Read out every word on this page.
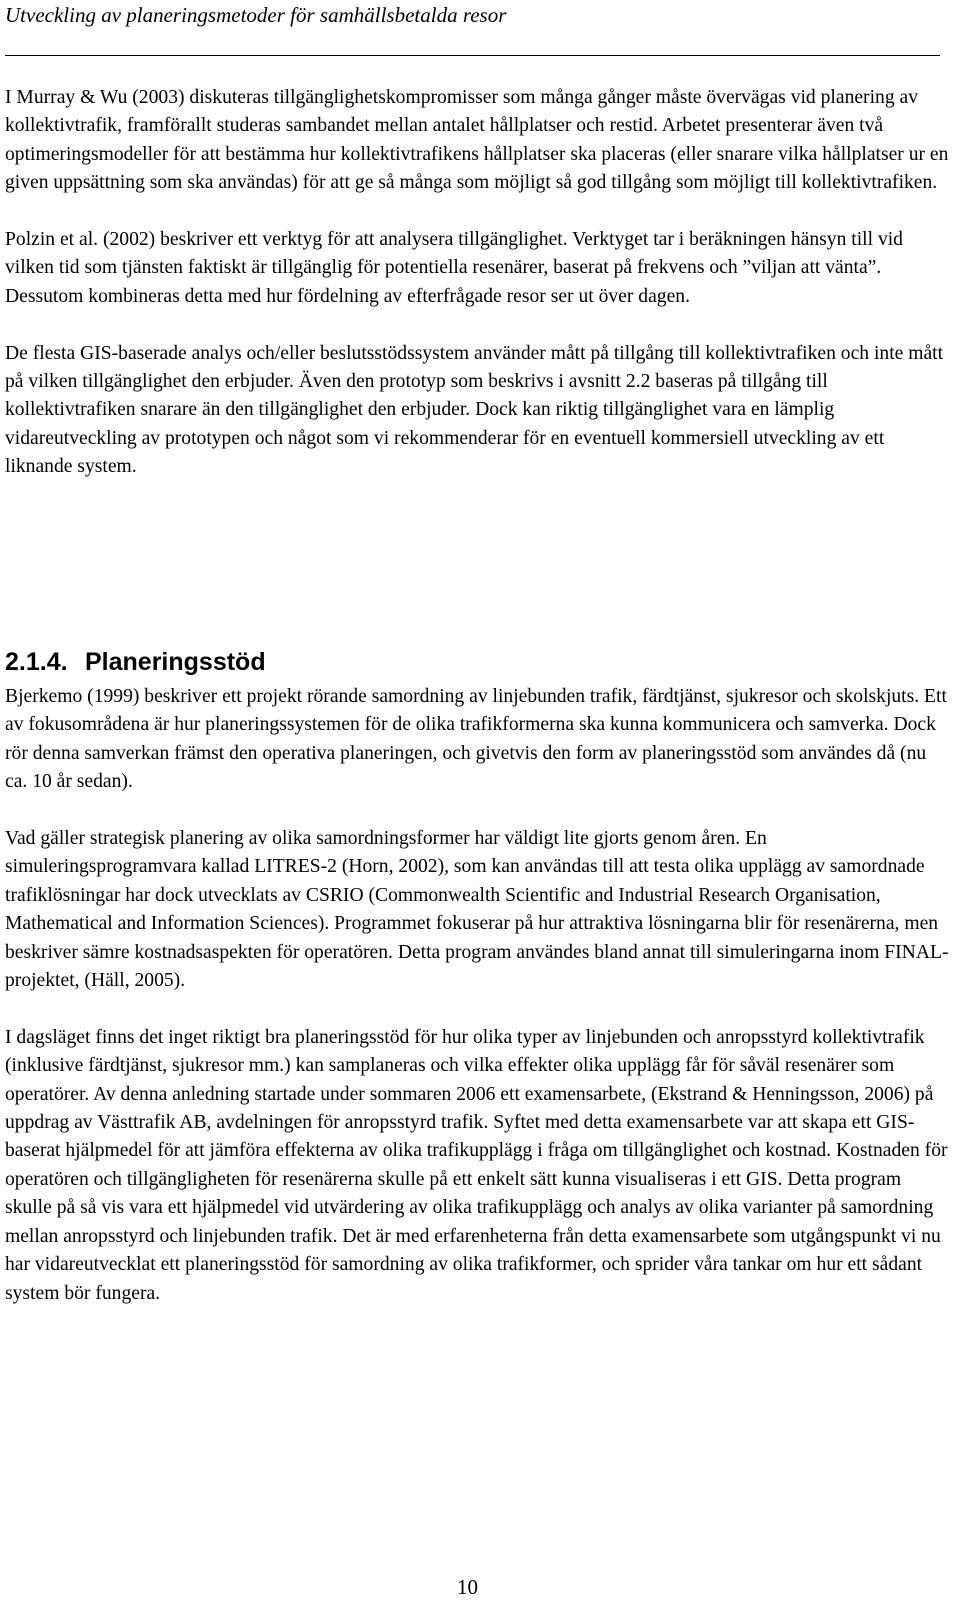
Utveckling av planeringsmetoder för samhällsbetalda resor

I Murray & Wu (2003) diskuteras tillgänglighetskompromisser som många gånger måste övervägas vid planering av kollektivtrafik, framförallt studeras sambandet mellan antalet hållplatser och restid. Arbetet presenterar även två optimeringsmodeller för att bestämma hur kollektivtrafikens hållplatser ska placeras (eller snarare vilka hållplatser ur en given uppsättning som ska användas) för att ge så många som möjligt så god tillgång som möjligt till kollektivtrafiken.

Polzin et al. (2002) beskriver ett verktyg för att analysera tillgänglighet. Verktyget tar i beräkningen hänsyn till vid vilken tid som tjänsten faktiskt är tillgänglig för potentiella resenärer, baserat på frekvens och ”viljan att vänta”. Dessutom kombineras detta med hur fördelning av efterfrågade resor ser ut över dagen.

De flesta GIS-baserade analys och/eller beslutsstödssystem använder mått på tillgång till kollektivtrafiken och inte mått på vilken tillgänglighet den erbjuder. Även den prototyp som beskrivs i avsnitt 2.2 baseras på tillgång till kollektivtrafiken snarare än den tillgänglighet den erbjuder. Dock kan riktig tillgänglighet vara en lämplig vidareutveckling av prototypen och något som vi rekommenderar för en eventuell kommersiell utveckling av ett liknande system.

2.1.4. Planeringsstöd

Bjerkemo (1999) beskriver ett projekt rörande samordning av linjebunden trafik, färdtjänst, sjukresor och skolskjuts. Ett av fokusområdena är hur planeringssystemen för de olika trafikformerna ska kunna kommunicera och samverka. Dock rör denna samverkan främst den operativa planeringen, och givetvis den form av planeringsstöd som användes då (nu ca. 10 år sedan).

Vad gäller strategisk planering av olika samordningsformer har väldigt lite gjorts genom åren. En simuleringsprogramvara kallad LITRES-2 (Horn, 2002), som kan användas till att testa olika upplägg av samordnade trafiklösningar har dock utvecklats av CSRIO (Commonwealth Scientific and Industrial Research Organisation, Mathematical and Information Sciences). Programmet fokuserar på hur attraktiva lösningarna blir för resenärerna, men beskriver sämre kostnadsaspekten för operatören. Detta program användes bland annat till simuleringarna inom FINAL-projektet, (Häll, 2005).

I dagsläget finns det inget riktigt bra planeringsstöd för hur olika typer av linjebunden och anropsstyrd kollektivtrafik (inklusive färdtjänst, sjukresor mm.) kan samplaneras och vilka effekter olika upplägg får för såväl resenärer som operatörer. Av denna anledning startade under sommaren 2006 ett examensarbete, (Ekstrand & Henningsson, 2006) på uppdrag av Västtrafik AB, avdelningen för anropsstyrd trafik. Syftet med detta examensarbete var att skapa ett GIS-baserat hjälpmedel för att jämföra effekterna av olika trafikupplägg i fråga om tillgänglighet och kostnad. Kostnaden för operatören och tillgängligheten för resenärerna skulle på ett enkelt sätt kunna visualiseras i ett GIS. Detta program skulle på så vis vara ett hjälpmedel vid utvärdering av olika trafikupplägg och analys av olika varianter på samordning mellan anropsstyrd och linjebunden trafik. Det är med erfarenheterna från detta examensarbete som utgångspunkt vi nu har vidareutvecklat ett planeringsstöd för samordning av olika trafikformer, och sprider våra tankar om hur ett sådant system bör fungera.

10
